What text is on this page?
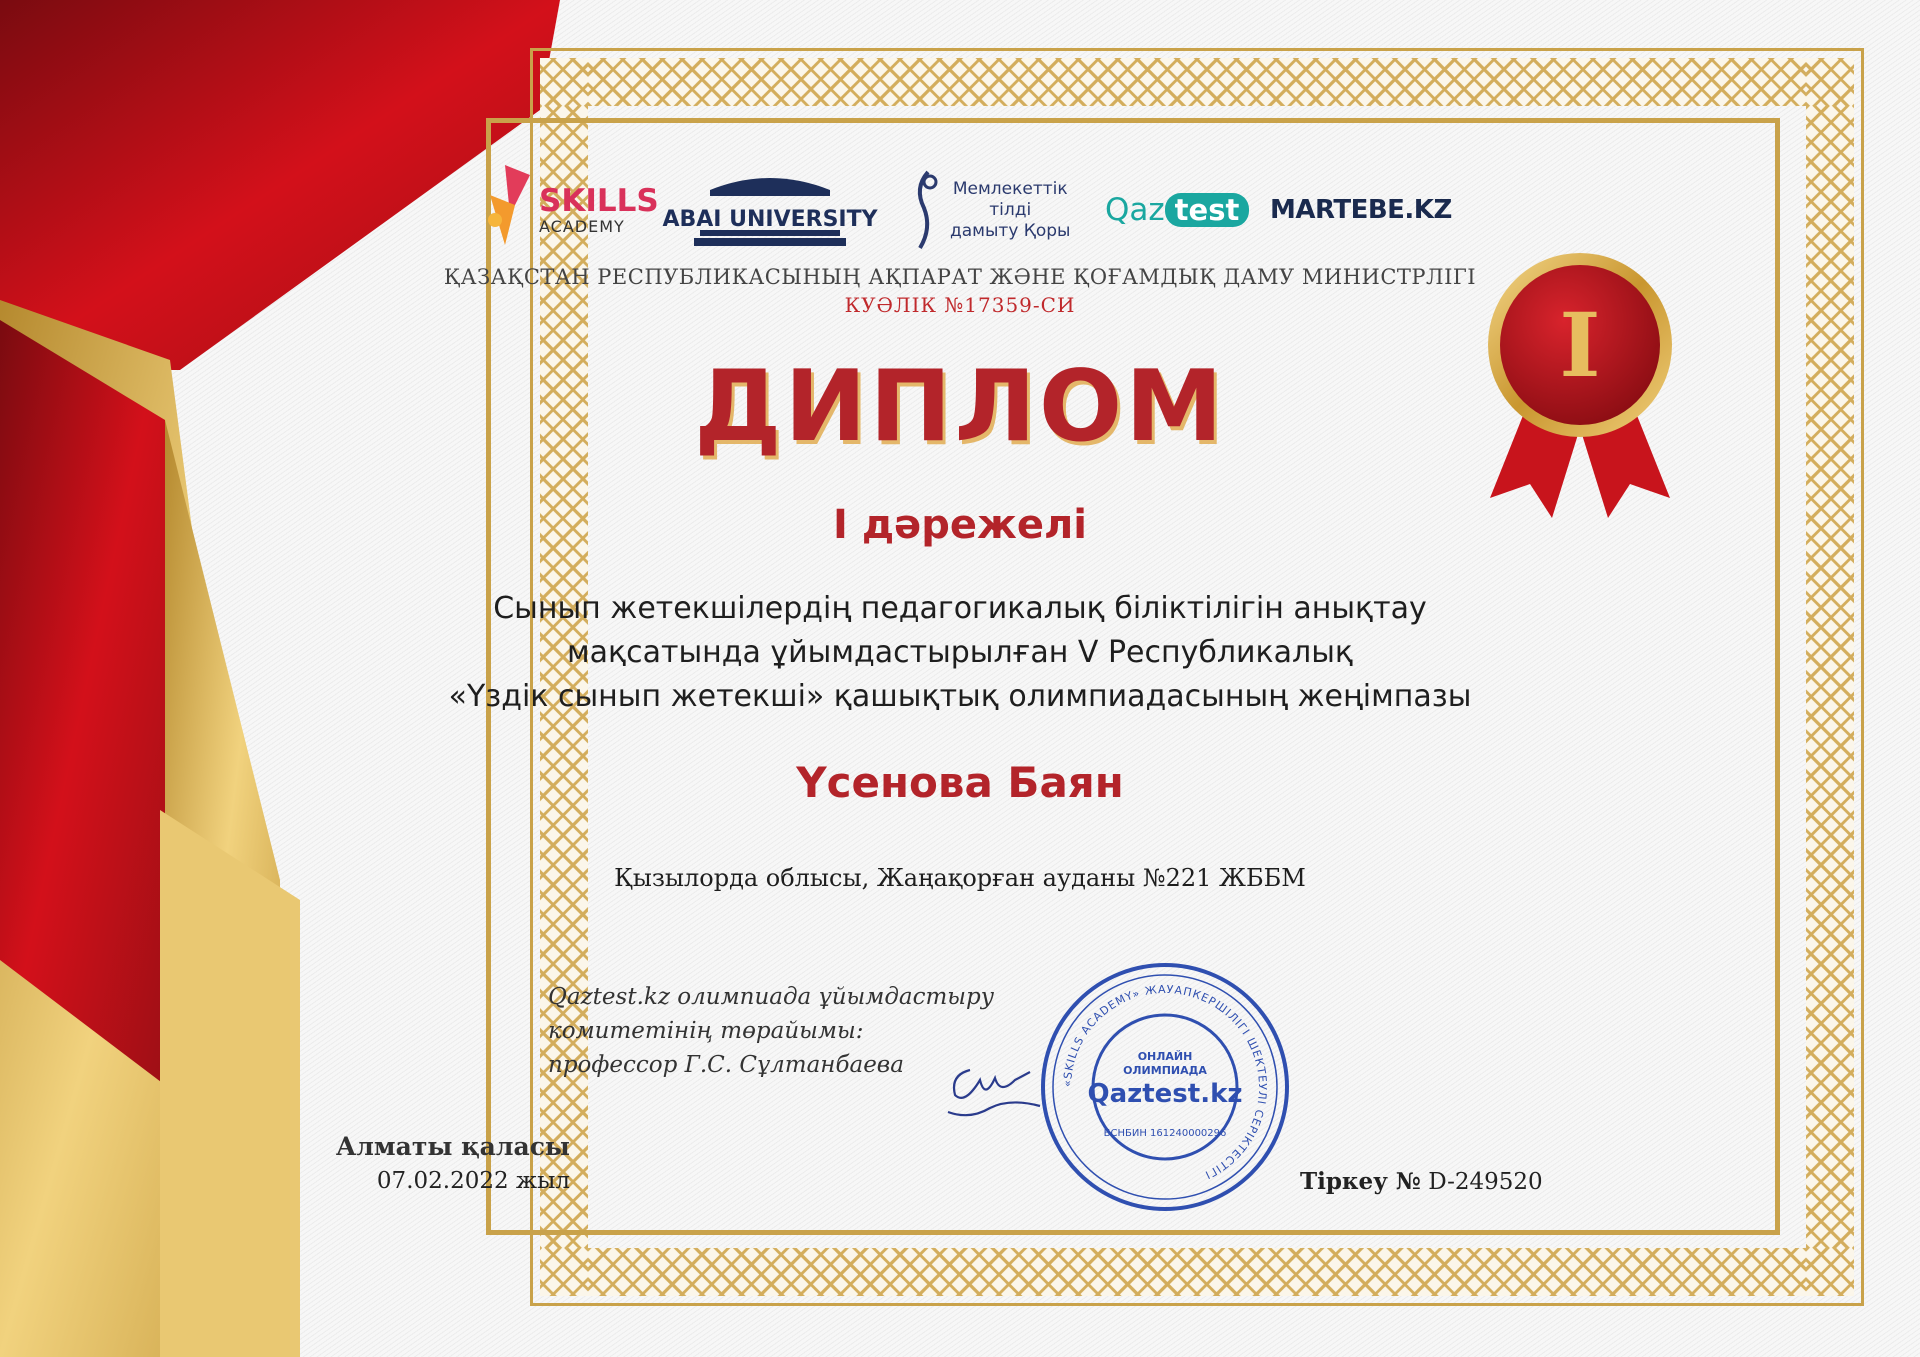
SKILLS
ACADEMY	ABAI UNIVERSITY
Мемлекеттік
тілді
дамыту Қоры
Qaz test	MARTEBE.KZ
ҚАЗАҚСТАН РЕСПУБЛИКАСЫНЫҢ АҚПАРАТ ЖӘНЕ ҚОҒАМДЫҚ ДАМУ МИНИСТРЛІГІ
КУӘЛІК №17359-СИ
ДИПЛОМ
I дәрежелі
Сынып жетекшілердің педагогикалық біліктілігін анықтау
мақсатында ұйымдастырылған V Республикалық
«Үздік сынып жетекші» қашықтық олимпиадасының жеңімпазы
Үсенова Баян
Қызылорда облысы, Жаңақорған ауданы №221 ЖББМ
Qaztest.kz олимпиада ұйымдастыру
комитетінің төрайымы:
профессор Г.С. Сұлтанбаева
«SKILLS ACADEMY» ЖАУАПКЕРШІЛІГІ ШЕКТЕУЛІ СЕРІКТЕСТІГІ
ОНЛАЙН
ОЛИМПИАДА
Qaztest.kz
БСНБИН 161240000296
Алматы қаласы
07.02.2022 жыл	Тіркеу № D-249520
I
